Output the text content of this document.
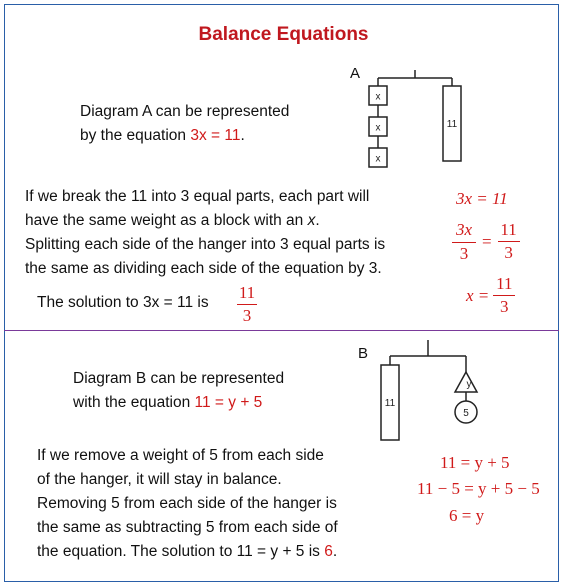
Balance Equations
A
x
x
x
11
Diagram A can be represented
by the equation 3x = 11.
If we break the 11 into 3 equal parts, each part will
have the same weight as a block with an x.
Splitting each side of the hanger into 3 equal parts is
the same as dividing each side of the equation by 3.
The solution to 3x = 11 is $\frac{11}{3}$
3x = 11
$\frac{3x}{3} = \frac{11}{3}$
$x = \frac{11}{3}$
B
11
y
5
Diagram B can be represented
with the equation 11 = y + 5
If we remove a weight of 5 from each side
of the hanger, it will stay in balance.
Removing 5 from each side of the hanger is
the same as subtracting 5 from each side of
the equation. The solution to 11 = y + 5 is 6.
11 = y + 5
11 − 5 = y + 5 − 5
6 = y
